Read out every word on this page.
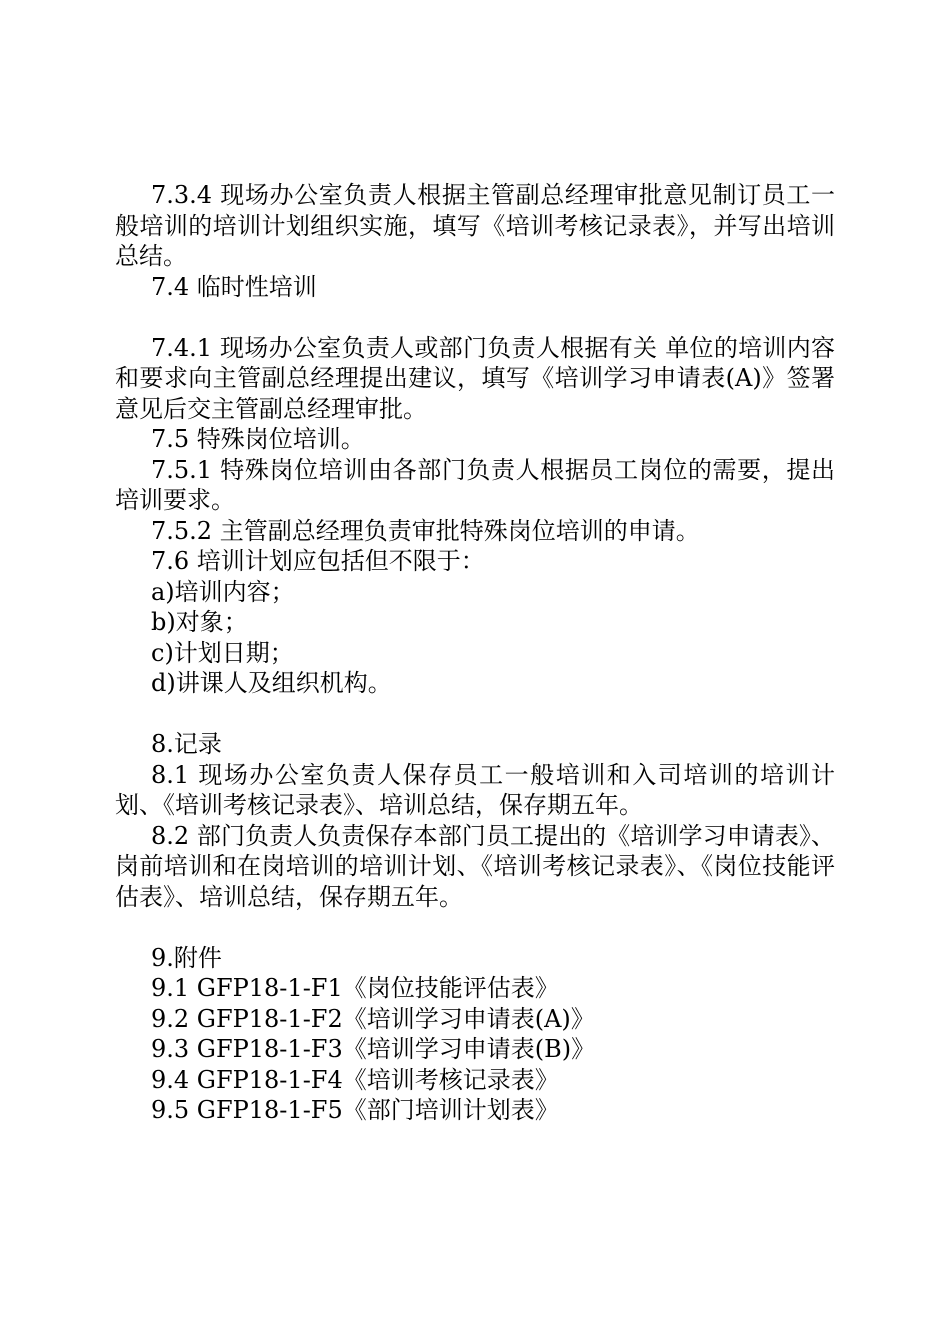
7.3.4 现场办公室负责人根据主管副总经理审批意见制订员工一般培训的培训计划组织实施，填写《培训考核记录表》，并写出培训总结。

7.4 临时性培训

7.4.1 现场办公室负责人或部门负责人根据有关 单位的培训内容和要求向主管副总经理提出建议，填写《培训学习申请表(A)》签署意见后交主管副总经理审批。

7.5 特殊岗位培训。

7.5.1 特殊岗位培训由各部门负责人根据员工岗位的需要，提出培训要求。

7.5.2 主管副总经理负责审批特殊岗位培训的申请。

7.6 培训计划应包括但不限于：

a)培训内容；

b)对象；

c)计划日期；

d)讲课人及组织机构。

8.记录

8.1 现场办公室负责人保存员工一般培训和入司培训的培训计划、《培训考核记录表》、培训总结，保存期五年。

8.2 部门负责人负责保存本部门员工提出的《培训学习申请表》、岗前培训和在岗培训的培训计划、《培训考核记录表》、《岗位技能评估表》、培训总结，保存期五年。

9.附件

9.1 GFP18-1-F1《岗位技能评估表》

9.2 GFP18-1-F2《培训学习申请表(A)》

9.3 GFP18-1-F3《培训学习申请表(B)》

9.4 GFP18-1-F4《培训考核记录表》

9.5 GFP18-1-F5《部门培训计划表》
